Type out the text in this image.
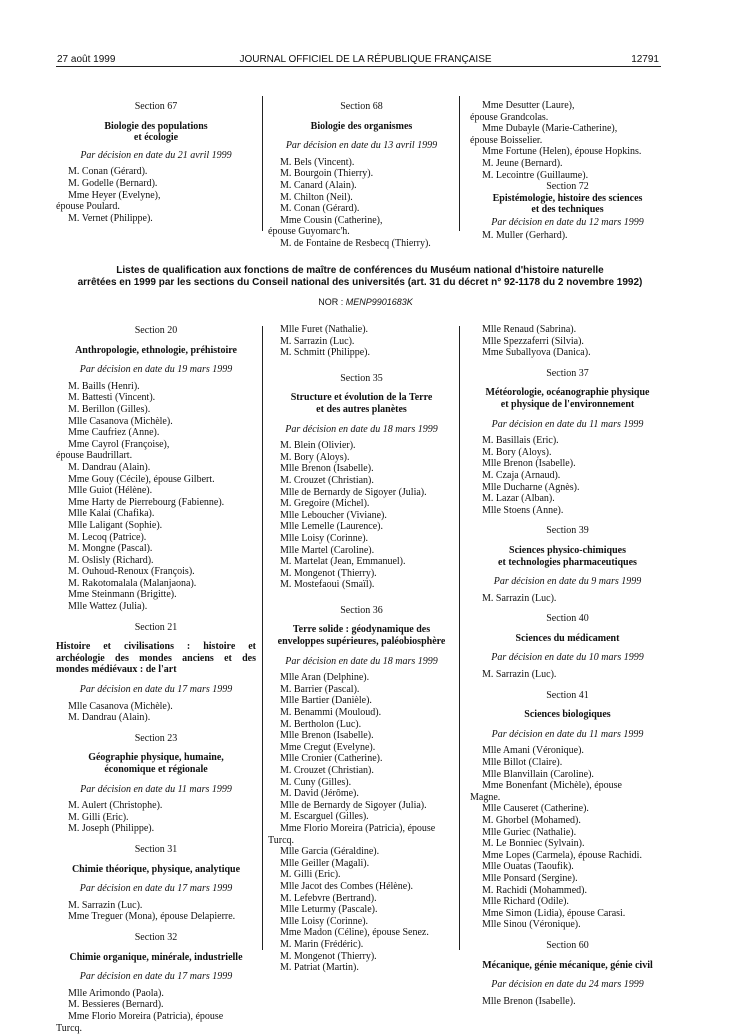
27 août 1999	JOURNAL OFFICIEL DE LA RÉPUBLIQUE FRANÇAISE	12791
Section 67
Biologie des populations
et écologie
Par décision en date du 21 avril 1999
M. Conan (Gérard).
M. Godelle (Bernard).
Mme Heyer (Evelyne),
épouse Poulard.
M. Vernet (Philippe).
Section 68
Biologie des organismes
Par décision en date du 13 avril 1999
M. Bels (Vincent).
M. Bourgoin (Thierry).
M. Canard (Alain).
M. Chilton (Neil).
M. Conan (Gérard).
Mme Cousin (Catherine),
épouse Guyomarc'h.
M. de Fontaine de Resbecq (Thierry).
Mme Desutter (Laure),
épouse Grandcolas.
Mme Dubayle (Marie-Catherine),
épouse Boisselier.
Mme Fortune (Helen), épouse Hopkins.
M. Jeune (Bernard).
M. Lecointre (Guillaume).
Section 72
Epistémologie, histoire des sciences
et des techniques
Par décision en date du 12 mars 1999
M. Muller (Gerhard).
Listes de qualification aux fonctions de maître de conférences du Muséum national d'histoire naturelle
arrêtées en 1999 par les sections du Conseil national des universités (art. 31 du décret n° 92-1178 du 2 novembre 1992)
NOR : MENP9901683K
Section 20
Anthropologie, ethnologie, préhistoire
Par décision en date du 19 mars 1999
M. Baills (Henri).
M. Battesti (Vincent).
M. Berillon (Gilles).
Mlle Casanova (Michèle).
Mme Caufriez (Anne).
Mme Cayrol (Françoise),
épouse Baudrillart.
M. Dandrau (Alain).
Mme Gouy (Cécile), épouse Gilbert.
Mlle Guiot (Hélène).
Mme Harty de Pierrebourg (Fabienne).
Mlle Kalai (Chafika).
Mlle Laligant (Sophie).
M. Lecoq (Patrice).
M. Mongne (Pascal).
M. Oslisly (Richard).
M. Ouhoud-Renoux (François).
M. Rakotomalala (Malanjaona).
Mme Steinmann (Brigitte).
Mlle Wattez (Julia).
Section 21
Histoire et civilisations : histoire et
archéologie des mondes anciens et des
mondes médiévaux : de l'art
Par décision en date du 17 mars 1999
Mlle Casanova (Michèle).
M. Dandrau (Alain).
Section 23
Géographie physique, humaine,
économique et régionale
Par décision en date du 11 mars 1999
M. Aulert (Christophe).
M. Gilli (Eric).
M. Joseph (Philippe).
Section 31
Chimie théorique, physique, analytique
Par décision en date du 17 mars 1999
M. Sarrazin (Luc).
Mme Treguer (Mona), épouse Delapierre.
Section 32
Chimie organique, minérale, industrielle
Par décision en date du 17 mars 1999
Mlle Arimondo (Paola).
M. Bessieres (Bernard).
Mme Florio Moreira (Patricia), épouse
Turcq.
Mlle Furet (Nathalie).
M. Sarrazin (Luc).
M. Schmitt (Philippe).
Section 35
Structure et évolution de la Terre
et des autres planètes
Par décision en date du 18 mars 1999
M. Blein (Olivier).
M. Bory (Aloys).
Mlle Brenon (Isabelle).
M. Crouzet (Christian).
Mlle de Bernardy de Sigoyer (Julia).
M. Gregoire (Michel).
Mlle Leboucher (Viviane).
Mlle Lemelle (Laurence).
Mlle Loisy (Corinne).
Mlle Martel (Caroline).
M. Martelat (Jean, Emmanuel).
M. Mongenot (Thierry).
M. Mostefaoui (Smaïl).
Section 36
Terre solide : géodynamique des
enveloppes supérieures, paléobiosphère
Par décision en date du 18 mars 1999
Mlle Aran (Delphine).
M. Barrier (Pascal).
Mlle Bartier (Danièle).
M. Benammi (Mouloud).
M. Bertholon (Luc).
Mlle Brenon (Isabelle).
Mme Cregut (Evelyne).
Mlle Cronier (Catherine).
M. Crouzet (Christian).
M. Cuny (Gilles).
M. David (Jérôme).
Mlle de Bernardy de Sigoyer (Julia).
M. Escarguel (Gilles).
Mme Florio Moreira (Patricia), épouse
Turcq.
Mlle Garcia (Géraldine).
Mlle Geiller (Magali).
M. Gilli (Eric).
Mlle Jacot des Combes (Hélène).
M. Lefebvre (Bertrand).
Mlle Leturmy (Pascale).
Mlle Loisy (Corinne).
Mme Madon (Céline), épouse Senez.
M. Marin (Frédéric).
M. Mongenot (Thierry).
M. Patriat (Martin).
Mlle Renaud (Sabrina).
Mlle Spezzaferri (Silvia).
Mme Suballyova (Danica).
Section 37
Météorologie, océanographie physique
et physique de l'environnement
Par décision en date du 11 mars 1999
M. Basillais (Eric).
M. Bory (Aloys).
Mlle Brenon (Isabelle).
M. Czaja (Arnaud).
Mlle Ducharne (Agnès).
M. Lazar (Alban).
Mlle Stoens (Anne).
Section 39
Sciences physico-chimiques
et technologies pharmaceutiques
Par décision en date du 9 mars 1999
M. Sarrazin (Luc).
Section 40
Sciences du médicament
Par décision en date du 10 mars 1999
M. Sarrazin (Luc).
Section 41
Sciences biologiques
Par décision en date du 11 mars 1999
Mlle Amani (Véronique).
Mlle Billot (Claire).
Mlle Blanvillain (Caroline).
Mme Bonenfant (Michèle), épouse
Magne.
Mlle Causeret (Catherine).
M. Ghorbel (Mohamed).
Mlle Guriec (Nathalie).
M. Le Bonniec (Sylvain).
Mme Lopes (Carmela), épouse Rachidi.
Mlle Ouatas (Taoufik).
Mlle Ponsard (Sergine).
M. Rachidi (Mohammed).
Mlle Richard (Odile).
Mme Simon (Lidia), épouse Carasi.
Mlle Sinou (Véronique).
Section 60
Mécanique, génie mécanique, génie civil
Par décision en date du 24 mars 1999
Mlle Brenon (Isabelle).
